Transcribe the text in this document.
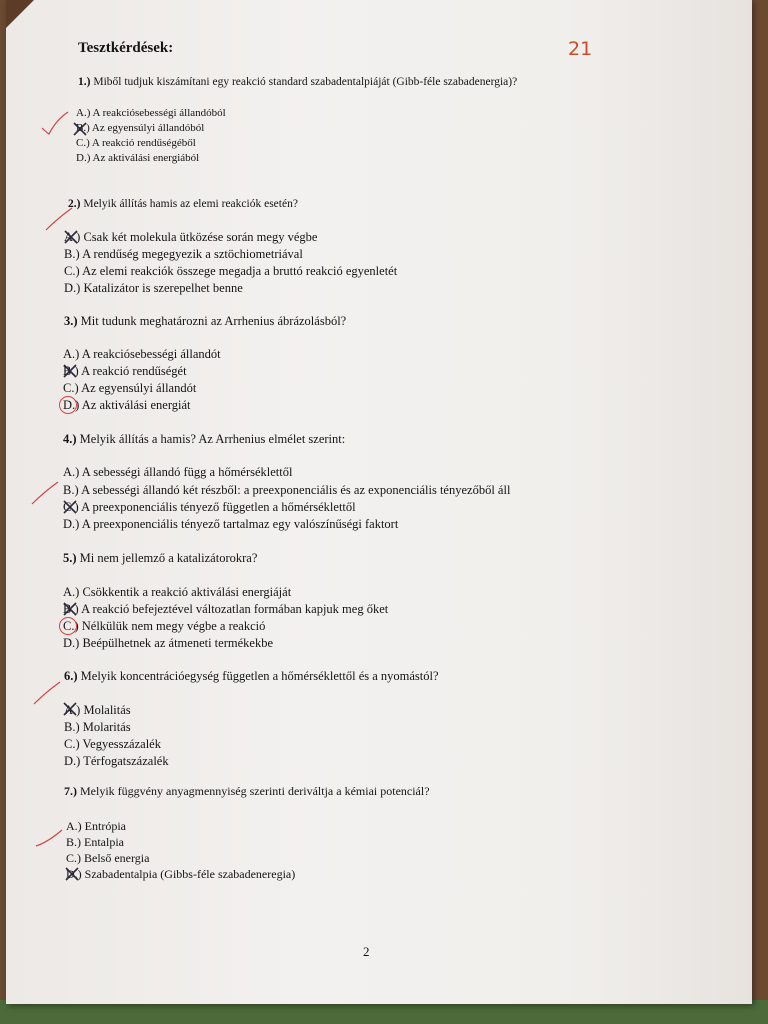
Tesztkérdések:	21
1.) Miből tudjuk kiszámítani egy reakció standard szabadentalpiáját (Gibb-féle szabadenergia)?
A.) A reakciósebességi állandóból
B.) Az egyensúlyi állandóból
C.) A reakció rendűségéből
D.) Az aktiválási energiából
2.) Melyik állítás hamis az elemi reakciók esetén?
A.) Csak két molekula ütközése során megy végbe
B.) A rendűség megegyezik a sztöchiometriával
C.) Az elemi reakciók összege megadja a bruttó reakció egyenletét
D.) Katalizátor is szerepelhet benne
3.) Mit tudunk meghatározni az Arrhenius ábrázolásból?
A.) A reakciósebességi állandót
B.) A reakció rendűségét
C.) Az egyensúlyi állandót
D.) Az aktiválási energiát
4.) Melyik állítás a hamis? Az Arrhenius elmélet szerint:
A.) A sebességi állandó függ a hőmérséklettől
B.) A sebességi állandó két részből: a preexponenciális és az exponenciális tényezőből áll
C.) A preexponenciális tényező független a hőmérséklettől
D.) A preexponenciális tényező tartalmaz egy valószínűségi faktort
5.) Mi nem jellemző a katalizátorokra?
A.) Csökkentik a reakció aktiválási energiáját
B.) A reakció befejeztével változatlan formában kapjuk meg őket
C.) Nélkülük nem megy végbe a reakció
D.) Beépülhetnek az átmeneti termékekbe
6.) Melyik koncentrációegység független a hőmérséklettől és a nyomástól?
A.) Molalitás
B.) Molaritás
C.) Vegyesszázalék
D.) Térfogatszázalék
7.) Melyik függvény anyagmennyiség szerinti deriváltja a kémiai potenciál?
A.) Entrópia
B.) Entalpia
C.) Belső energia
D.) Szabadentalpia (Gibbs-féle szabadeneregia)
2
